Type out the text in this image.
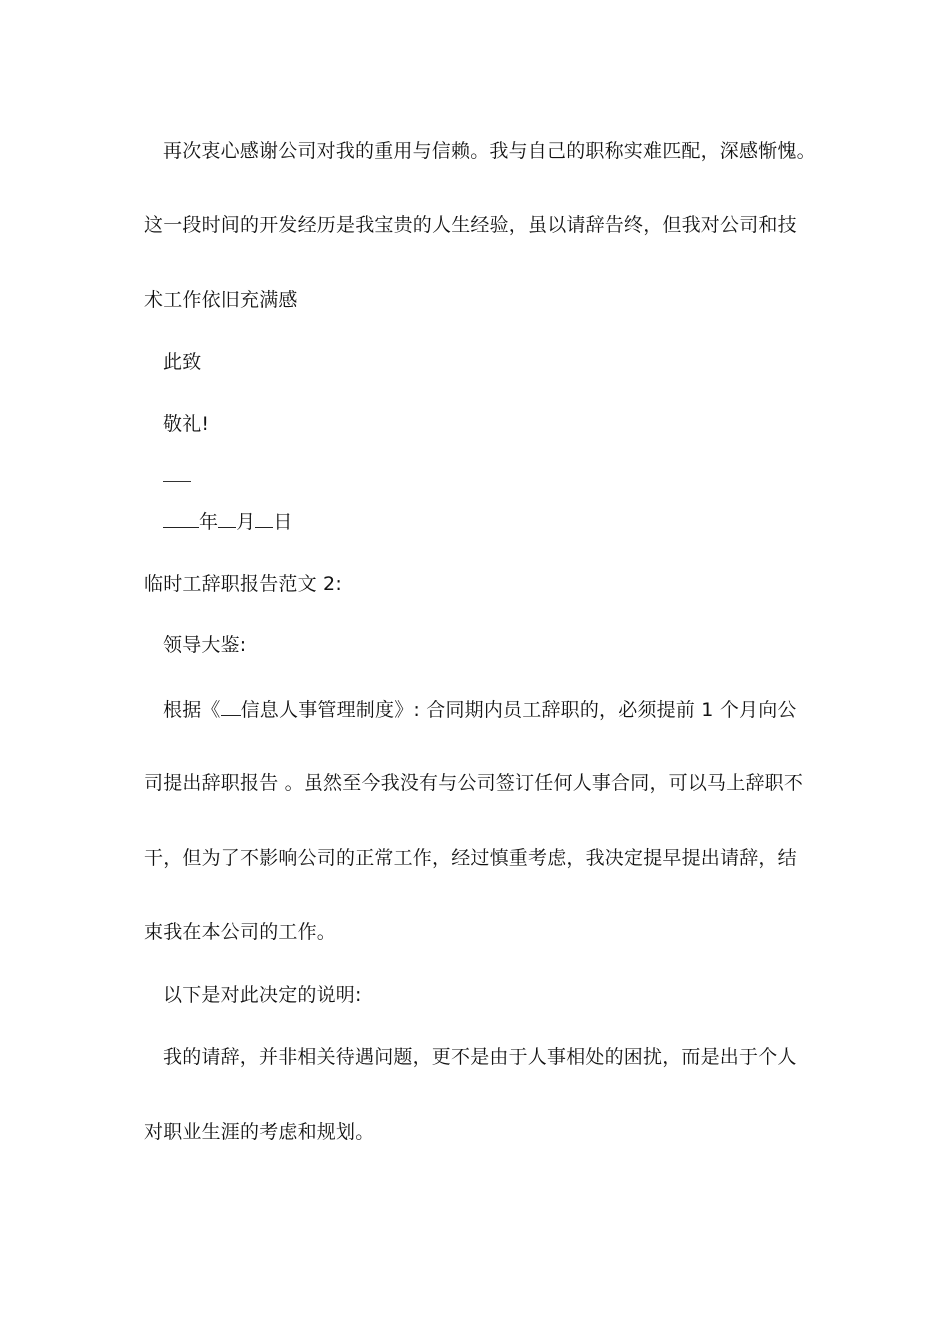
再次衷心感谢公司对我的重用与信赖。我与自己的职称实难匹配，深感惭愧。
这一段时间的开发经历是我宝贵的人生经验，虽以请辞告终，但我对公司和技
术工作依旧充满感
此致
敬礼!
年 月 日
临时工辞职报告范文 2:
领导大鉴:
根据《 信息人事管理制度》: 合同期内员工辞职的，必须提前 1 个月向公
司提出辞职报告 。虽然至今我没有与公司签订任何人事合同，可以马上辞职不
干，但为了不影响公司的正常工作，经过慎重考虑，我决定提早提出请辞，结
束我在本公司的工作。
以下是对此决定的说明:
我的请辞，并非相关待遇问题，更不是由于人事相处的困扰，而是出于个人
对职业生涯的考虑和规划。
